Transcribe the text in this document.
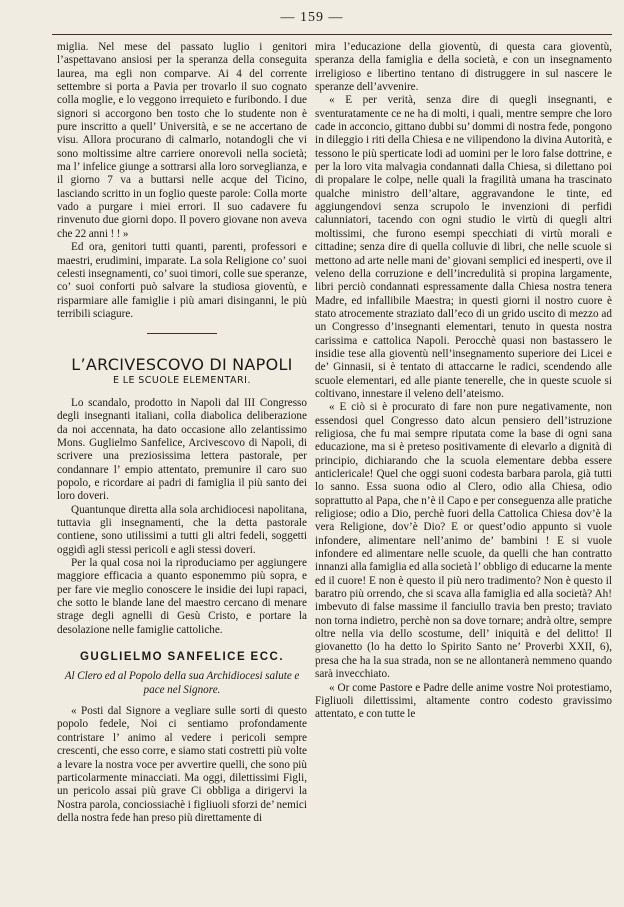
— 159 —

miglia. Nel mese del passato luglio i genitori l’aspettavano ansiosi per la speranza della conseguita laurea, ma egli non comparve. Ai 4 del corrente settembre si porta a Pavia per trovarlo il suo cognato colla moglie, e lo veggono irrequieto e furibondo. I due signori si accorgono ben tosto che lo studente non è pure inscritto a quell’ Università, e se ne accertano de visu. Allora procurano di calmarlo, notandogli che vi sono moltissime altre carriere onorevoli nella società; ma l’ infelice giunge a sottrarsi alla loro sorveglianza, e il giorno 7 va a buttarsi nelle acque del Ticino, lasciando scritto in un foglio queste parole: Colla morte vado a purgare i miei errori. Il suo cadavere fu rinvenuto due giorni dopo. Il povero giovane non aveva che 22 anni ! ! »

Ed ora, genitori tutti quanti, parenti, professori e maestri, erudimini, imparate. La sola Religione co’ suoi celesti insegnamenti, co’ suoi timori, colle sue speranze, co’ suoi conforti può salvare la studiosa gioventù, e risparmiare alle famiglie i più amari disinganni, le più terribili sciagure.

L’ARCIVESCOVO DI NAPOLI
E LE SCUOLE ELEMENTARI.

Lo scandalo, prodotto in Napoli dal III Congresso degli insegnanti italiani, colla diabolica deliberazione da noi accennata, ha dato occasione allo zelantissimo Mons. Guglielmo Sanfelice, Arcivescovo di Napoli, di scrivere una preziosissima lettera pastorale, per condannare l’ empio attentato, premunire il caro suo popolo, e ricordare ai padri di famiglia il più santo dei loro doveri.

Quantunque diretta alla sola archidiocesi napolitana, tuttavia gli insegnamenti, che la detta pastorale contiene, sono utilissimi a tutti gli altri fedeli, soggetti oggidì agli stessi pericoli e agli stessi doveri.

Per la qual cosa noi la riproduciamo per aggiungere maggiore efficacia a quanto esponemmo più sopra, e per fare vie meglio conoscere le insidie dei lupi rapaci, che sotto le blande lane del maestro cercano di menare strage degli agnelli di Gesù Cristo, e portare la desolazione nelle famiglie cattoliche.

GUGLIELMO SANFELICE ECC.
Al Clero ed al Popolo della sua Archidiocesi salute e pace nel Signore.

« Posti dal Signore a vegliare sulle sorti di questo popolo fedele, Noi ci sentiamo profondamente contristare l’ animo al vedere i pericoli sempre crescenti, che esso corre, e siamo stati costretti più volte a levare la nostra voce per avvertire quelli, che sono più particolarmente minacciati. Ma oggi, dilettissimi Figli, un pericolo assai più grave Ci obbliga a dirigervi la Nostra parola, conciossiachè i figliuoli sforzi de’ nemici della nostra fede han preso più direttamente di

mira l’educazione della gioventù, di questa cara gioventù, speranza della famiglia e della società, e con un insegnamento irreligioso e libertino tentano di distruggere in sul nascere le speranze dell’avvenire.

« E per verità, senza dire di quegli insegnanti, e sventuratamente ce ne ha di molti, i quali, mentre sempre che loro cade in acconcio, gittano dubbi su’ dommi di nostra fede, pongono in dileggio i riti della Chiesa e ne vilipendono la divina Autorità, e tessono le più sperticate lodi ad uomini per le loro false dottrine, e per la loro vita malvagia condannati dalla Chiesa, si dilettano poi di propalare le colpe, nelle quali la fragilità umana ha trascinato qualche ministro dell’altare, aggravandone le tinte, ed aggiungendovi senza scrupolo le invenzioni di perfidi calunniatori, tacendo con ogni studio le virtù di quegli altri moltissimi, che furono esempi specchiati di virtù morali e cittadine; senza dire di quella colluvie di libri, che nelle scuole si mettono ad arte nelle mani de’ giovani semplici ed inesperti, ove il veleno della corruzione e dell’incredulità si propina largamente, libri perciò condannati espressamente dalla Chiesa nostra tenera Madre, ed infallibile Maestra; in questi giorni il nostro cuore è stato atrocemente straziato dall’eco di un grido uscito di mezzo ad un Congresso d’insegnanti elementari, tenuto in questa nostra carissima e cattolica Napoli. Perocchè quasi non bastassero le insidie tese alla gioventù nell’insegnamento superiore dei Licei e de’ Ginnasii, si è tentato di attaccarne le radici, scendendo alle scuole elementari, ed alle piante tenerelle, che in queste scuole si coltivano, innestare il veleno dell’ateismo.

« E ciò si è procurato di fare non pure negativamente, non essendosi quel Congresso dato alcun pensiero dell’istruzione religiosa, che fu mai sempre riputata come la base di ogni sana educazione, ma si è preteso positivamente di elevarlo a dignità di principio, dichiarando che la scuola elementare debba essere anticlericale! Quel che oggi suoni codesta barbara parola, già tutti lo sanno. Essa suona odio al Clero, odio alla Chiesa, odio soprattutto al Papa, che n’è il Capo e per conseguenza alle pratiche religiose; odio a Dio, perchè fuori della Cattolica Chiesa dov’è la vera Religione, dov’è Dio? E or quest’odio appunto si vuole infondere, alimentare nell’animo de’ bambini ! E si vuole infondere ed alimentare nelle scuole, da quelli che han contratto innanzi alla famiglia ed alla società l’ obbligo di educarne la mente ed il cuore! E non è questo il più nero tradimento? Non è questo il baratro più orrendo, che si scava alla famiglia ed alla società? Ah! imbevuto di false massime il fanciullo travia ben presto; traviato non torna indietro, perchè non sa dove tornare; andrà oltre, sempre oltre nella via dello scostume, dell’ iniquità e del delitto! Il giovanetto (lo ha detto lo Spirito Santo ne’ Proverbi XXII, 6), presa che ha la sua strada, non se ne allontanerà nemmeno quando sarà invecchiato.

« Or come Pastore e Padre delle anime vostre Noi protestiamo, Figliuoli dilettissimi, altamente contro codesto gravissimo attentato, e con tutte le
